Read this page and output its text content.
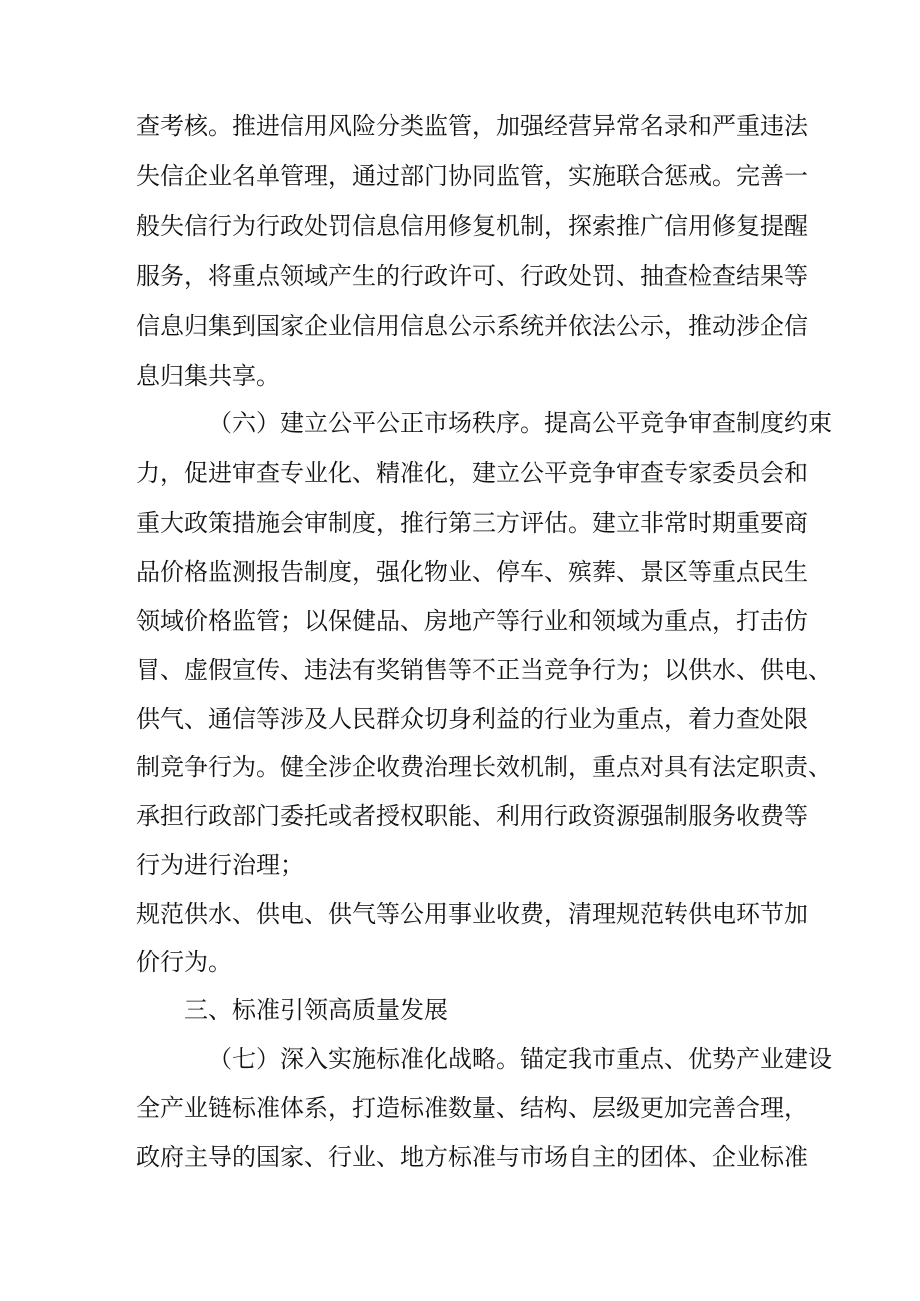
查考核。推进信用风险分类监管，加强经营异常名录和严重违法
失信企业名单管理，通过部门协同监管，实施联合惩戒。完善一
般失信行为行政处罚信息信用修复机制，探索推广信用修复提醒
服务，将重点领域产生的行政许可、行政处罚、抽查检查结果等
信息归集到国家企业信用信息公示系统并依法公示，推动涉企信
息归集共享。
（六）建立公平公正市场秩序。提高公平竞争审查制度约束
力，促进审查专业化、精准化，建立公平竞争审查专家委员会和
重大政策措施会审制度，推行第三方评估。建立非常时期重要商
品价格监测报告制度，强化物业、停车、殡葬、景区等重点民生
领域价格监管；以保健品、房地产等行业和领域为重点，打击仿
冒、虚假宣传、违法有奖销售等不正当竞争行为；以供水、供电、
供气、通信等涉及人民群众切身利益的行业为重点，着力查处限
制竞争行为。健全涉企收费治理长效机制，重点对具有法定职责、
承担行政部门委托或者授权职能、利用行政资源强制服务收费等
行为进行治理；
规范供水、供电、供气等公用事业收费，清理规范转供电环节加
价行为。
三、标准引领高质量发展
（七）深入实施标准化战略。锚定我市重点、优势产业建设
全产业链标准体系，打造标准数量、结构、层级更加完善合理，
政府主导的国家、行业、地方标准与市场自主的团体、企业标准
